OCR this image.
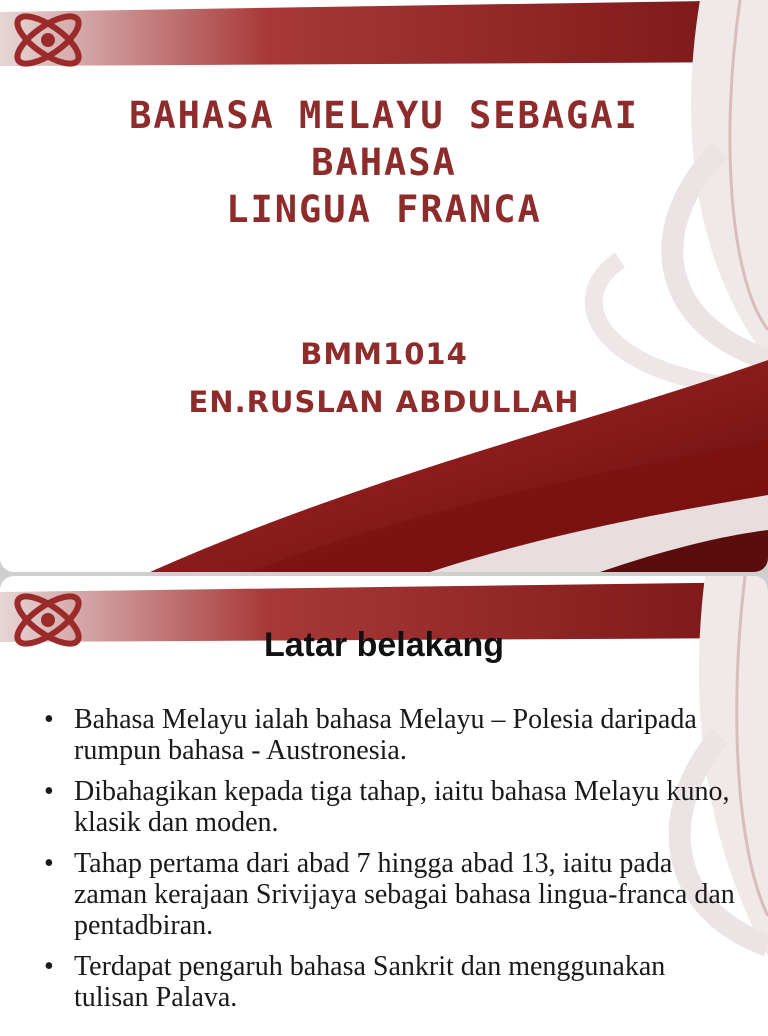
BAHASA MELAYU SEBAGAI
BAHASA
LINGUA FRANCA
BMM1014
EN.RUSLAN ABDULLAH
Latar belakang
• Bahasa Melayu ialah bahasa Melayu – Polesia daripada rumpun bahasa - Austronesia.
• Dibahagikan kepada tiga tahap, iaitu bahasa Melayu kuno, klasik dan moden.
• Tahap pertama dari abad 7 hingga abad 13, iaitu pada zaman kerajaan Srivijaya sebagai bahasa lingua-franca dan pentadbiran.
• Terdapat pengaruh bahasa Sankrit dan menggunakan tulisan Palava.
